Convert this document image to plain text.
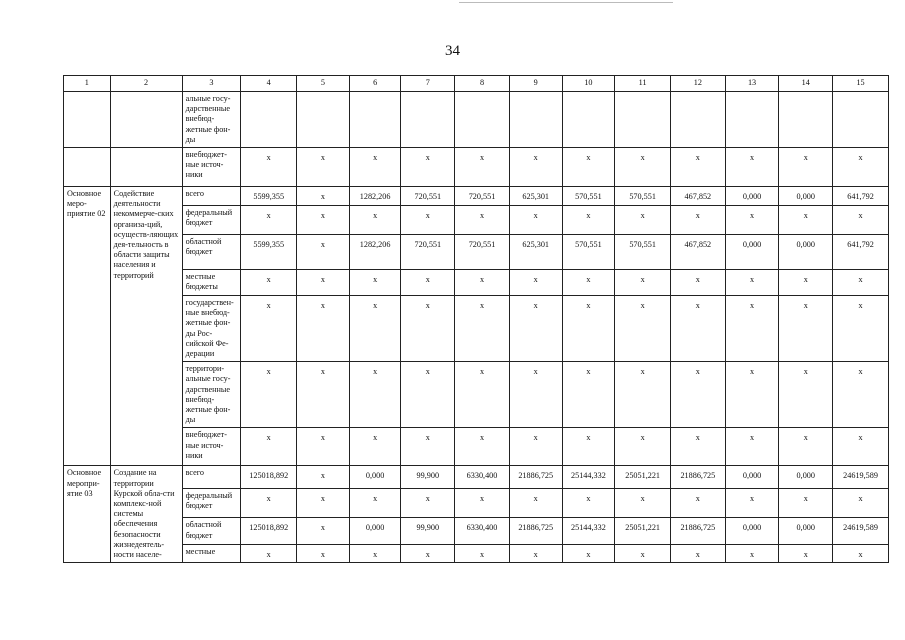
34
1	2	3	4	5	6	7	8	9	10	11	12	13	14	15
		альные госу-дарственные внебюд-жетные фон-ды												
		внебюджет-ные источ-ники	x	x	x	x	x	x	x	x	x	x	x	x
Основное меро-приятие 02	Содействие деятельности некоммерче-ских организа-ций, осуществ-ляющих дея-тельность в области защиты населения и территорий	всего	5599,355	x	1282,206	720,551	720,551	625,301	570,551	570,551	467,852	0,000	0,000	641,792
		федеральный бюджет	x	x	x	x	x	x	x	x	x	x	x	x
		областной бюджет	5599,355	x	1282,206	720,551	720,551	625,301	570,551	570,551	467,852	0,000	0,000	641,792
		местные бюджеты	x	x	x	x	x	x	x	x	x	x	x	x
		государствен-ные внебюд-жетные фон-ды Рос-сийской Фе-дерации	x	x	x	x	x	x	x	x	x	x	x	x
		территори-альные госу-дарственные внебюд-жетные фон-ды	x	x	x	x	x	x	x	x	x	x	x	x
		внебюджет-ные источ-ники	x	x	x	x	x	x	x	x	x	x	x	x
Основное меропри-ятие 03	Создание на территории Курской обла-сти комплекс-ной системы обеспечения безопасности жизнедеятель-ности населе-	всего	125018,892	x	0,000	99,900	6330,400	21886,725	25144,332	25051,221	21886,725	0,000	0,000	24619,589
		федеральный бюджет	x	x	x	x	x	x	x	x	x	x	x	x
		областной бюджет	125018,892	x	0,000	99,900	6330,400	21886,725	25144,332	25051,221	21886,725	0,000	0,000	24619,589
		местные	x	x	x	x	x	x	x	x	x	x	x	x
